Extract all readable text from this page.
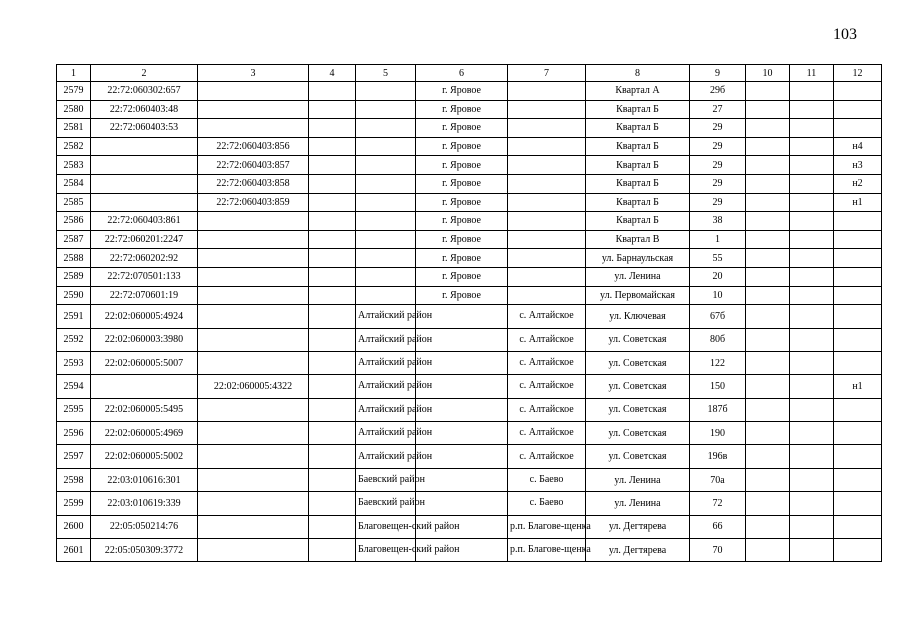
103
1	2	3	4	5	6	7	8	9	10	11	12
2579	22:72:060302:657				г. Яровое		Квартал А	29б			
2580	22:72:060403:48				г. Яровое		Квартал Б	27			
2581	22:72:060403:53				г. Яровое		Квартал Б	29			
2582		22:72:060403:856			г. Яровое		Квартал Б	29			н4
2583		22:72:060403:857			г. Яровое		Квартал Б	29			н3
2584		22:72:060403:858			г. Яровое		Квартал Б	29			н2
2585		22:72:060403:859			г. Яровое		Квартал Б	29			н1
2586	22:72:060403:861				г. Яровое		Квартал Б	38			
2587	22:72:060201:2247				г. Яровое		Квартал В	1			
2588	22:72:060202:92				г. Яровое		ул. Барнаульская	55			
2589	22:72:070501:133				г. Яровое		ул. Ленина	20			
2590	22:72:070601:19				г. Яровое		ул. Первомайская	10			
2591	22:02:060005:4924			Алтайский район		с. Алтайское	ул. Ключевая	67б			
2592	22:02:060003:3980			Алтайский район		с. Алтайское	ул. Советская	80б			
2593	22:02:060005:5007			Алтайский район		с. Алтайское	ул. Советская	122			
2594		22:02:060005:4322		Алтайский район		с. Алтайское	ул. Советская	150			н1
2595	22:02:060005:5495			Алтайский район		с. Алтайское	ул. Советская	187б			
2596	22:02:060005:4969			Алтайский район		с. Алтайское	ул. Советская	190			
2597	22:02:060005:5002			Алтайский район		с. Алтайское	ул. Советская	196в			
2598	22:03:010616:301			Баевский район		с. Баево	ул. Ленина	70а			
2599	22:03:010619:339			Баевский район		с. Баево	ул. Ленина	72			
2600	22:05:050214:76			Благовещен-ский район		р.п. Благове-щенка	ул. Дегтярева	66			
2601	22:05:050309:3772			Благовещен-ский район		р.п. Благове-щенка	ул. Дегтярева	70			
